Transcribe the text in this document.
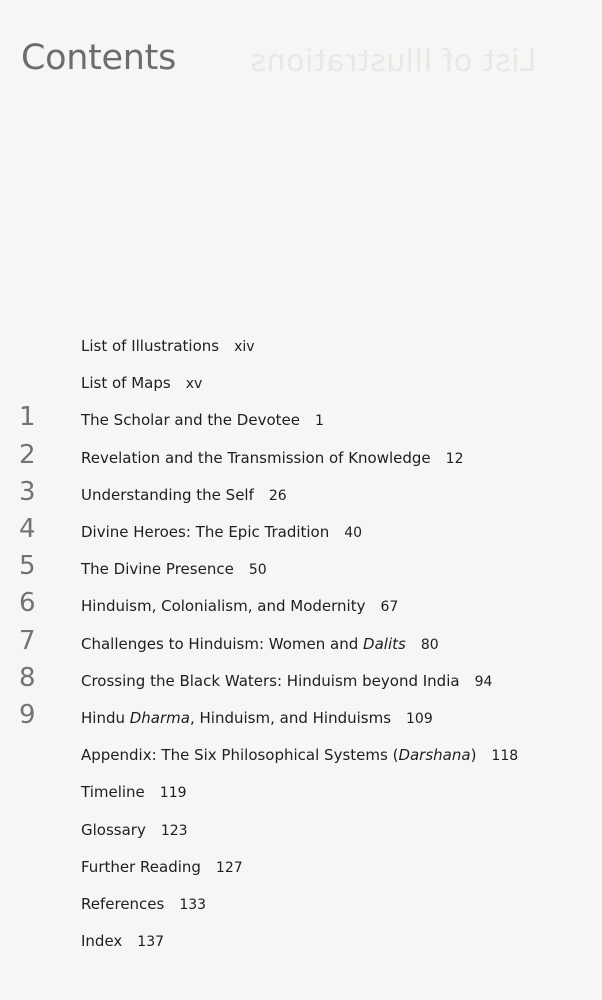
List of Illustrations
Contents
List of Illustrations xiv
List of Maps xv
1	The Scholar and the Devotee 1
2	Revelation and the Transmission of Knowledge 12
3	Understanding the Self 26
4	Divine Heroes: The Epic Tradition 40
5	The Divine Presence 50
6	Hinduism, Colonialism, and Modernity 67
7	Challenges to Hinduism: Women and Dalits 80
8	Crossing the Black Waters: Hinduism beyond India 94
9	Hindu Dharma, Hinduism, and Hinduisms 109
Appendix: The Six Philosophical Systems (Darshana) 118
Timeline 119
Glossary 123
Further Reading 127
References 133
Index 137
